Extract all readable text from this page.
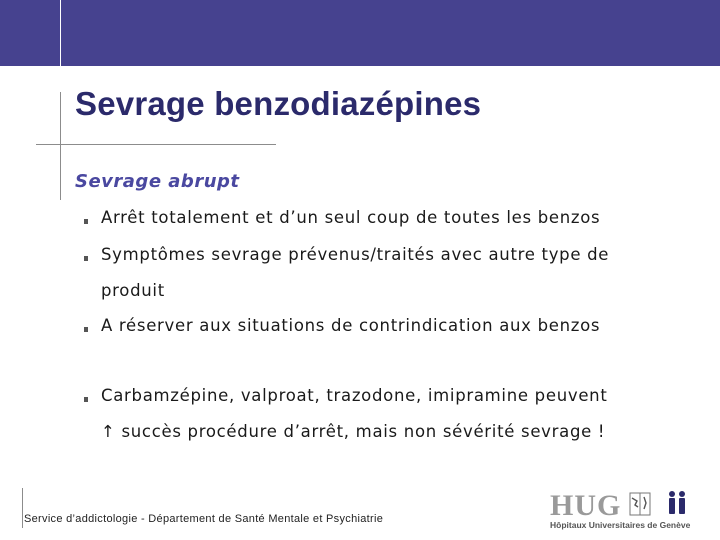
Sevrage benzodiazépines
Sevrage abrupt
Arrêt totalement et d’un seul coup de toutes les benzos
Symptômes sevrage prévenus/traités avec autre type de
A réserver aux situations de contrindication aux benzos
Carbamzépine, valproat, trazodone, imipramine peuvent
produit
↑ succès procédure d’arrêt, mais non sévérité sevrage !
Service d’addictologie - Département de Santé Mentale et Psychiatrie	HUG
Hôpitaux Universitaires de Genève
